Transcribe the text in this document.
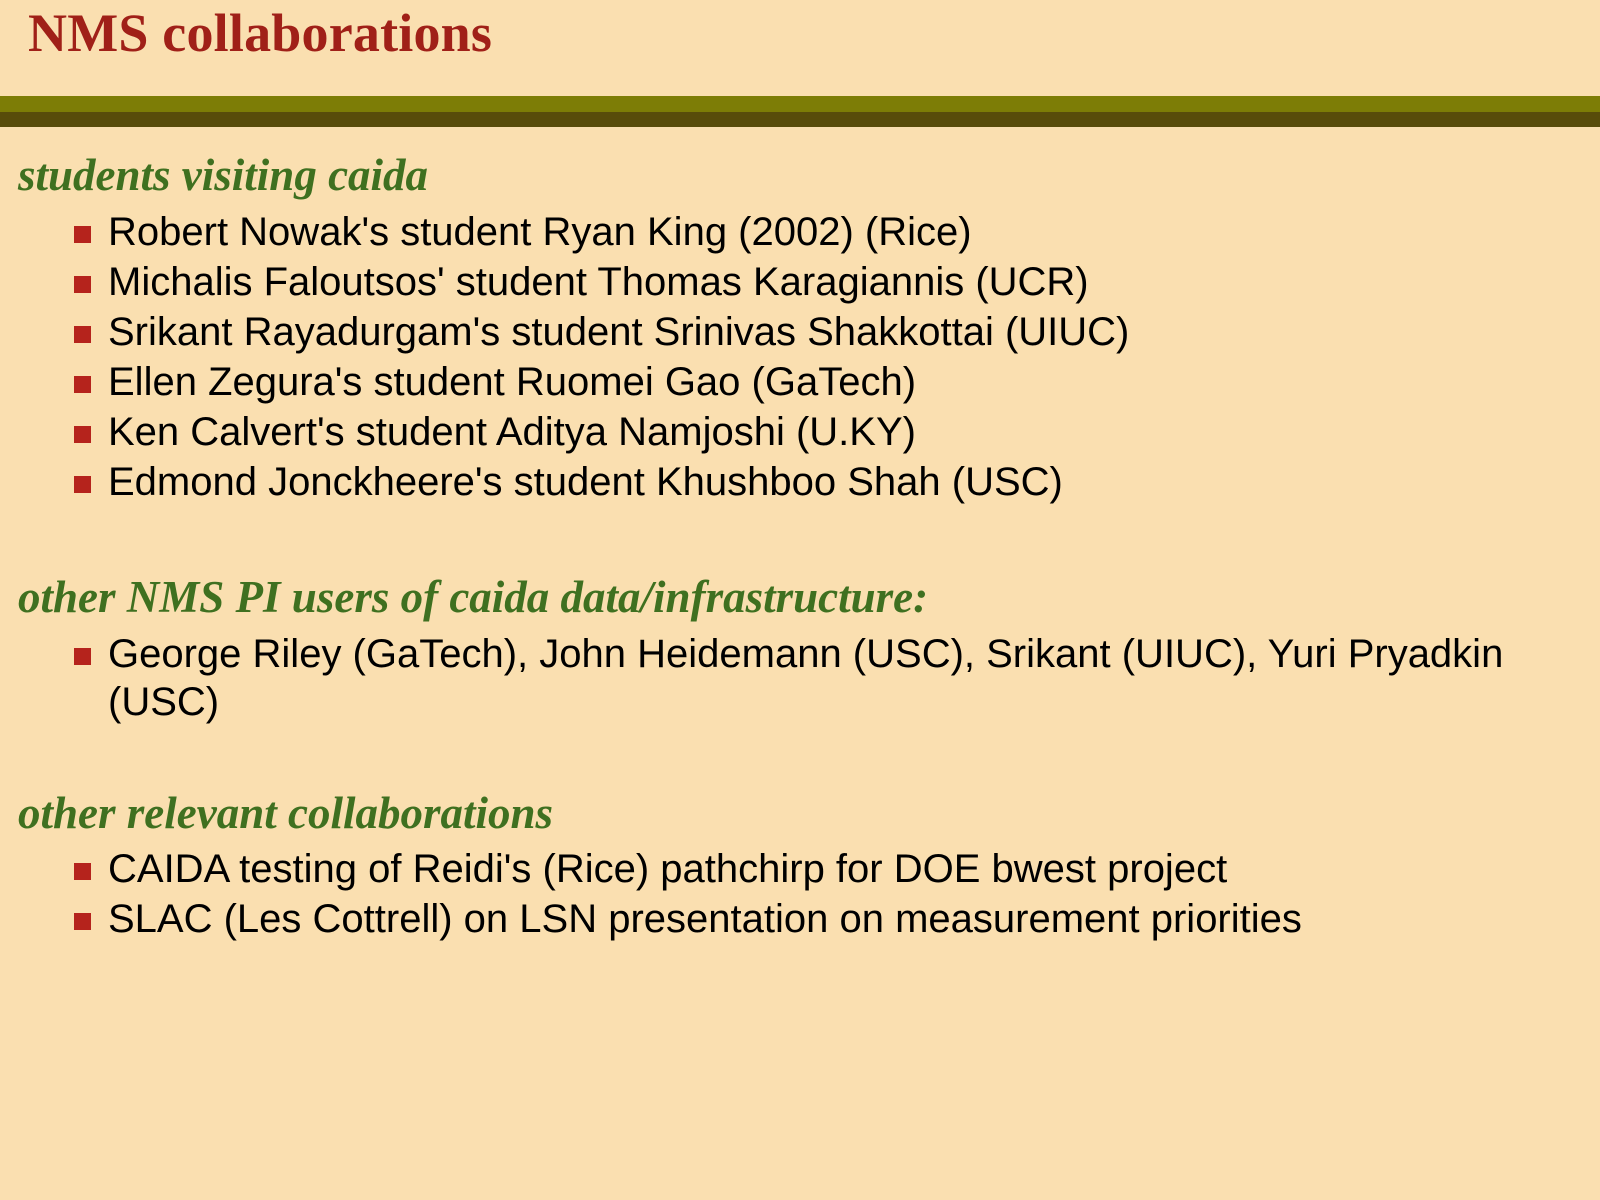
NMS collaborations
students visiting caida
Robert Nowak's student Ryan King (2002) (Rice)
Michalis Faloutsos' student Thomas Karagiannis (UCR)
Srikant Rayadurgam's student Srinivas Shakkottai (UIUC)
Ellen Zegura's student Ruomei Gao (GaTech)
Ken Calvert's student Aditya Namjoshi (U.KY)
Edmond Jonckheere's student Khushboo Shah (USC)
other NMS PI users of caida data/infrastructure:
George Riley (GaTech), John Heidemann (USC), Srikant (UIUC), Yuri Pryadkin (USC)
other relevant collaborations
CAIDA testing of Reidi's (Rice) pathchirp for DOE bwest project
SLAC (Les Cottrell) on LSN presentation on measurement priorities
